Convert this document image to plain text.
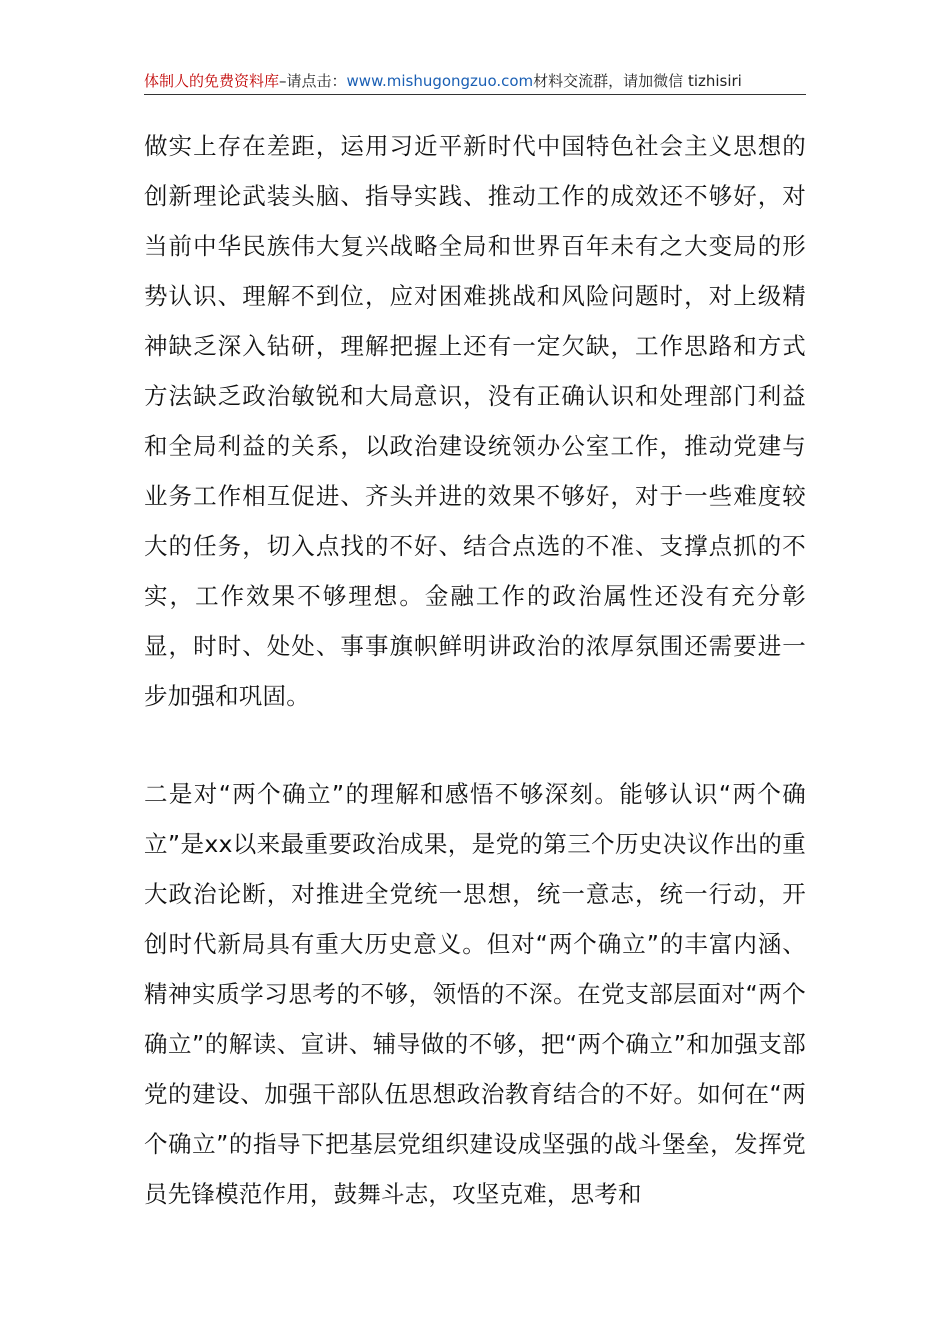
体制人的免费资料库–请点击：www.mishugongzuo.com材料交流群，请加微信 tizhisiri

做实上存在差距，运用习近平新时代中国特色社会主义思想的创新理论武装头脑、指导实践、推动工作的成效还不够好，对当前中华民族伟大复兴战略全局和世界百年未有之大变局的形势认识、理解不到位，应对困难挑战和风险问题时，对上级精神缺乏深入钻研，理解把握上还有一定欠缺，工作思路和方式方法缺乏政治敏锐和大局意识，没有正确认识和处理部门利益和全局利益的关系，以政治建设统领办公室工作，推动党建与业务工作相互促进、齐头并进的效果不够好，对于一些难度较大的任务，切入点找的不好、结合点选的不准、支撑点抓的不实，工作效果不够理想。金融工作的政治属性还没有充分彰显，时时、处处、事事旗帜鲜明讲政治的浓厚氛围还需要进一步加强和巩固。

二是对“两个确立”的理解和感悟不够深刻。能够认识“两个确立”是xx以来最重要政治成果，是党的第三个历史决议作出的重大政治论断，对推进全党统一思想，统一意志，统一行动，开创时代新局具有重大历史意义。但对“两个确立”的丰富内涵、精神实质学习思考的不够，领悟的不深。在党支部层面对“两个确立”的解读、宣讲、辅导做的不够，把“两个确立”和加强支部党的建设、加强干部队伍思想政治教育结合的不好。如何在“两个确立”的指导下把基层党组织建设成坚强的战斗堡垒，发挥党员先锋模范作用，鼓舞斗志，攻坚克难，思考和
